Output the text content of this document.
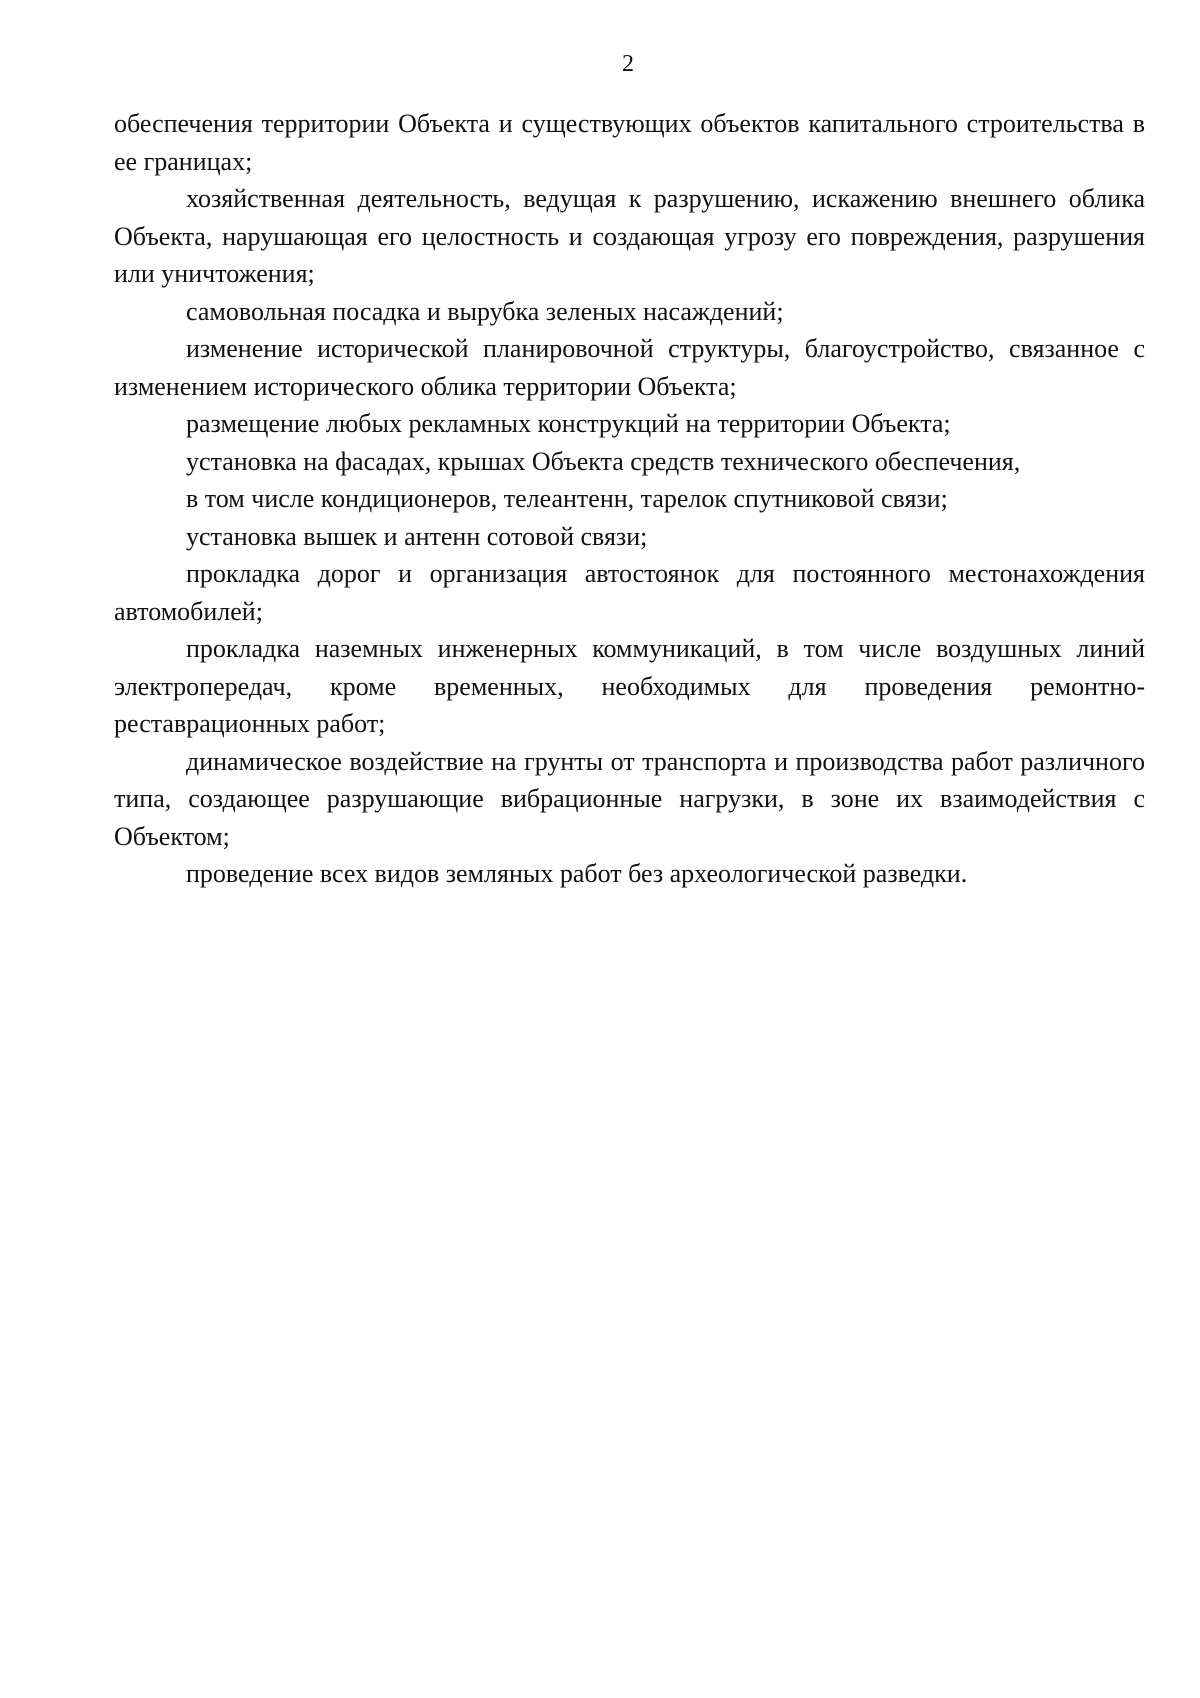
2

обеспечения территории Объекта и существующих объектов капитального строительства в ее границах;

хозяйственная деятельность, ведущая к разрушению, искажению внешнего облика Объекта, нарушающая его целостность и создающая угрозу его повреждения, разрушения или уничтожения;

самовольная посадка и вырубка зеленых насаждений;

изменение исторической планировочной структуры, благоустройство, связанное с изменением исторического облика территории Объекта;

размещение любых рекламных конструкций на территории Объекта;

установка на фасадах, крышах Объекта средств технического обеспечения,

в том числе кондиционеров, телеантенн, тарелок спутниковой связи;

установка вышек и антенн сотовой связи;

прокладка дорог и организация автостоянок для постоянного местонахождения автомобилей;

прокладка наземных инженерных коммуникаций, в том числе воздушных линий электропередач, кроме временных, необходимых для проведения ремонтно-реставрационных работ;

динамическое воздействие на грунты от транспорта и производства работ различного типа, создающее разрушающие вибрационные нагрузки, в зоне их взаимодействия с Объектом;

проведение всех видов земляных работ без археологической разведки.
